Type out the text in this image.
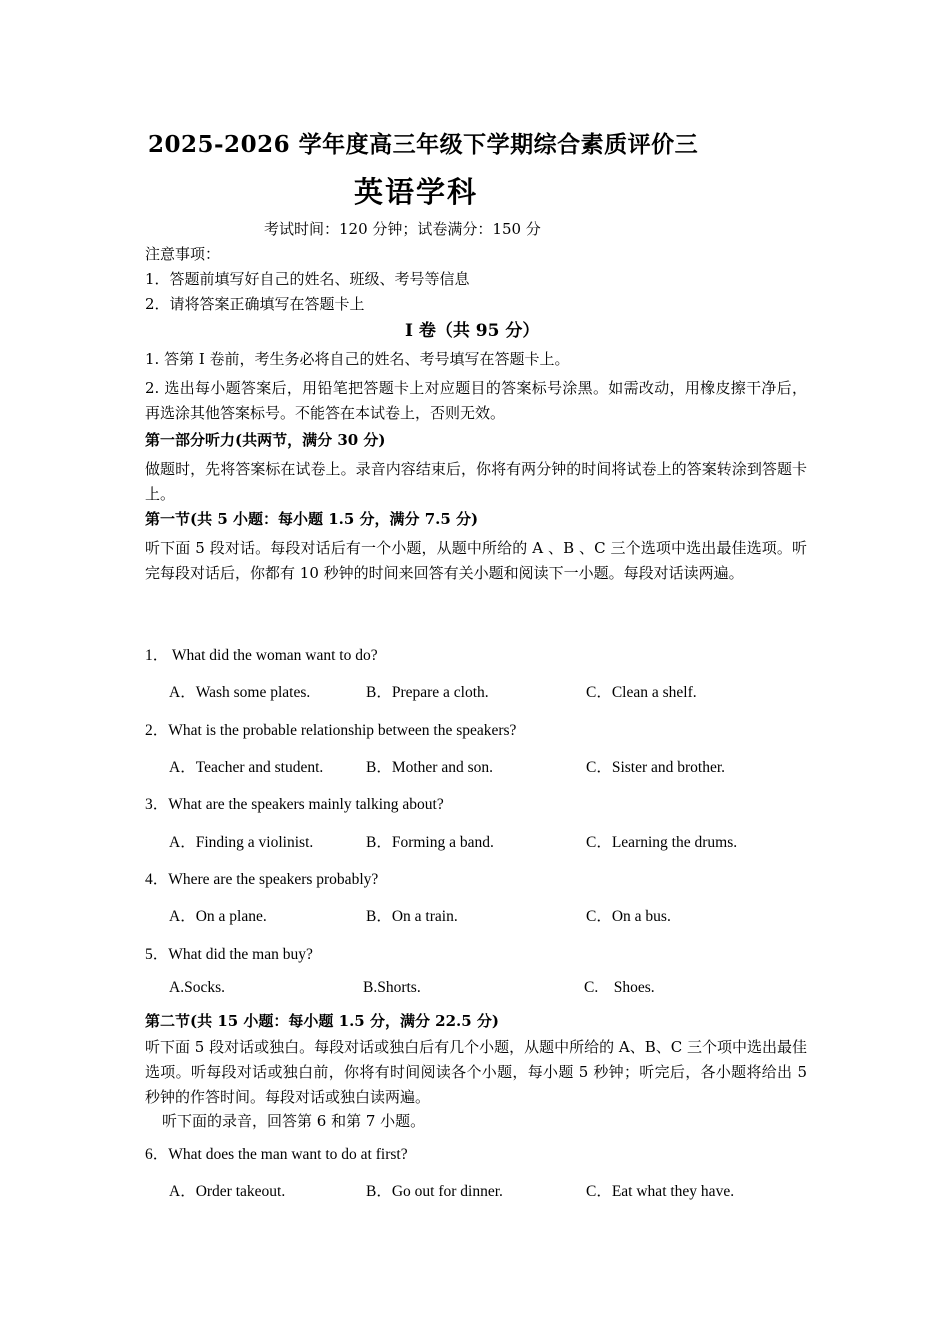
2025-2026 学年度高三年级下学期综合素质评价三
英语学科
考试时间：120 分钟；试卷满分：150 分
注意事项：
1．答题前填写好自己的姓名、班级、考号等信息
2．请将答案正确填写在答题卡上
I 卷（共 95 分）
1. 答第 I 卷前，考生务必将自己的姓名、考号填写在答题卡上。
2. 选出每小题答案后，用铅笔把答题卡上对应题目的答案标号涂黑。如需改动，用橡皮擦干净后，再选涂其他答案标号。不能答在本试卷上，否则无效。
第一部分听力(共两节，满分 30 分)
做题时，先将答案标在试卷上。录音内容结束后，你将有两分钟的时间将试卷上的答案转涂到答题卡上。
第一节(共 5 小题：每小题 1.5 分，满分 7.5 分)
听下面 5 段对话。每段对话后有一个小题，从题中所给的 A 、B 、C 三个选项中选出最佳选项。听完每段对话后，你都有 10 秒钟的时间来回答有关小题和阅读下一小题。每段对话读两遍。
1． What did the woman want to do?
A．Wash some plates.	B．Prepare a cloth.	C．Clean a shelf.
2．What is the probable relationship between the speakers?
A．Teacher and student.	B．Mother and son.	C．Sister and brother.
3．What are the speakers mainly talking about?
A．Finding a violinist.	B．Forming a band.	C．Learning the drums.
4．Where are the speakers probably?
A．On a plane.	B．On a train.	C．On a bus.
5．What did the man buy?
A.Socks.	B.Shorts.	C.    Shoes.
第二节(共 15 小题：每小题 1.5 分，满分 22.5 分)
听下面 5 段对话或独白。每段对话或独白后有几个小题，从题中所给的 A、B、C 三个项中选出最佳选项。听每段对话或独白前，你将有时间阅读各个小题，每小题 5 秒钟；听完后，各小题将给出 5 秒钟的作答时间。每段对话或独白读两遍。
听下面的录音，回答第 6 和第 7 小题。
6．What does the man want to do at first?
A．Order takeout.	B．Go out for dinner.	C．Eat what they have.
